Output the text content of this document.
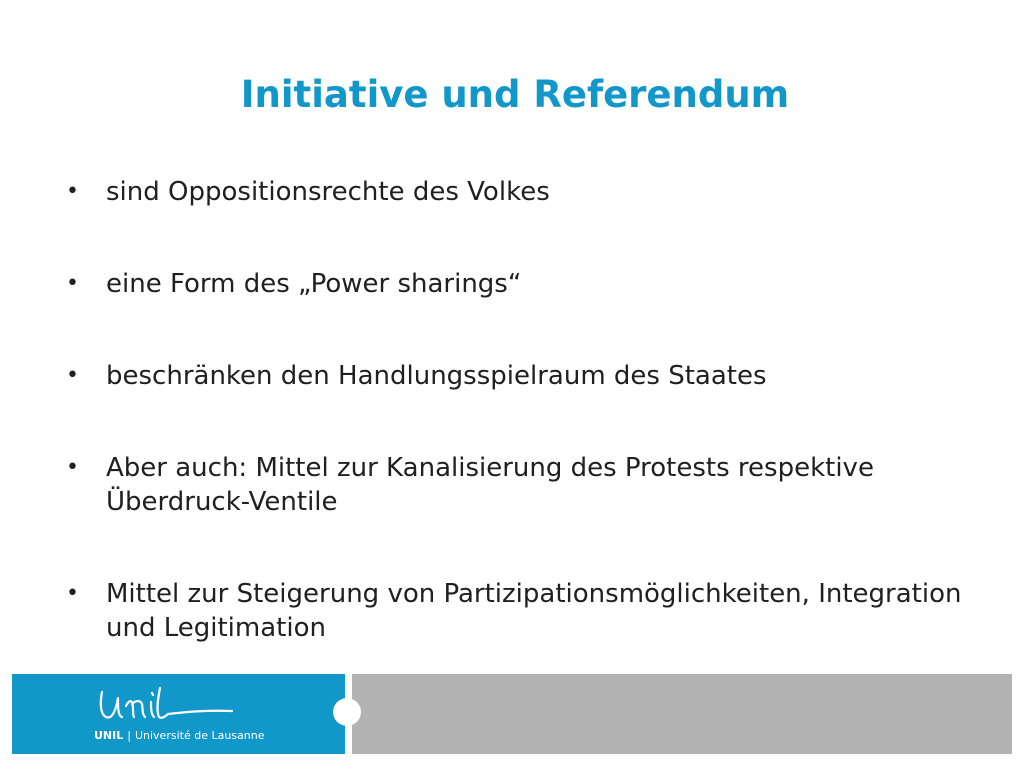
Initiative und Referendum
•	sind Oppositionsrechte des Volkes
•	eine Form des „Power sharings“
•	beschränken den Handlungsspielraum des Staates
•	Aber auch: Mittel zur Kanalisierung des Protests respektive Überdruck-Ventile
•	Mittel zur Steigerung von Partizipationsmöglichkeiten, Integration und Legitimation
UNIL | Université de Lausanne
